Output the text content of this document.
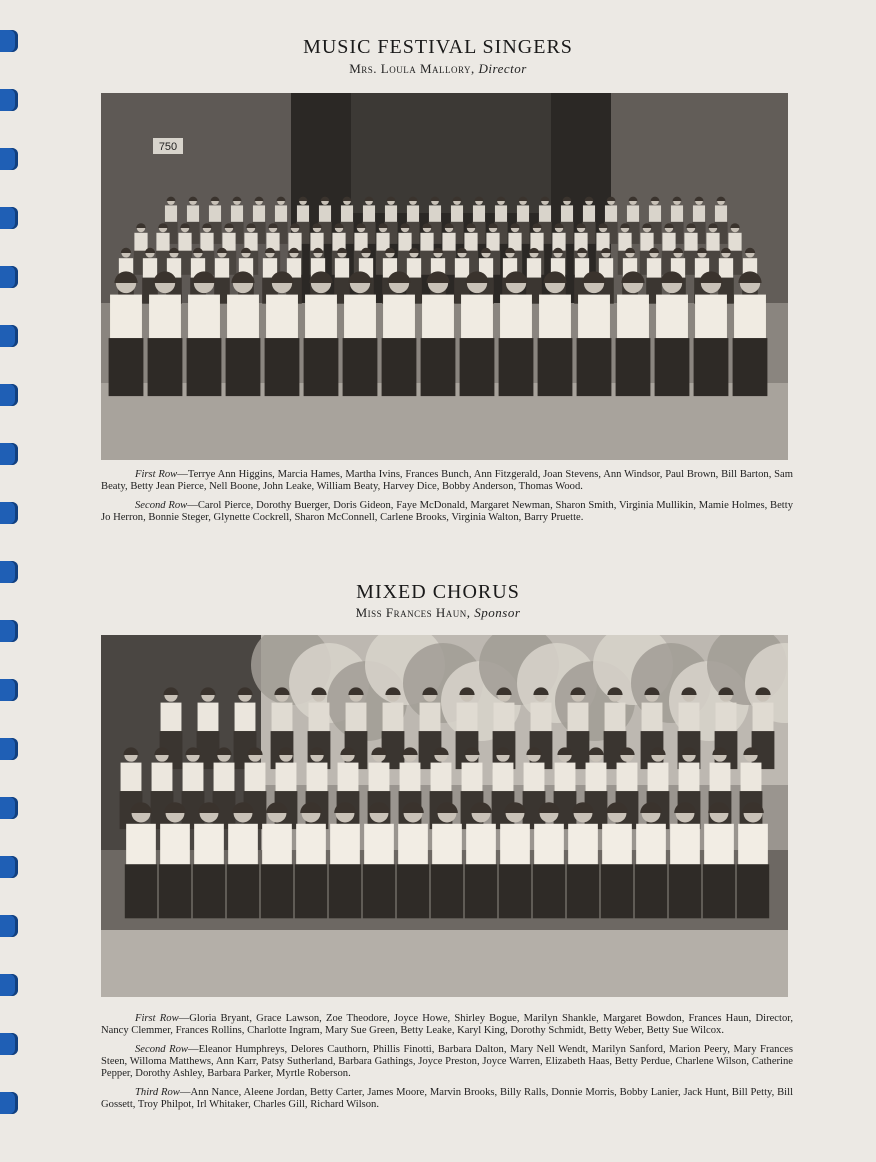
MUSIC FESTIVAL SINGERS
Mrs. Loula Mallory, Director
750

First Row—Terrye Ann Higgins, Marcia Hames, Martha Ivins, Frances Bunch, Ann Fitzgerald, Joan Stevens, Ann Windsor, Paul Brown, Bill Barton, Sam Beaty, Betty Jean Pierce, Nell Boone, John Leake, William Beaty, Harvey Dice, Bobby Anderson, Thomas Wood.

Second Row—Carol Pierce, Dorothy Buerger, Doris Gideon, Faye McDonald, Margaret Newman, Sharon Smith, Virginia Mullikin, Mamie Holmes, Betty Jo Herron, Bonnie Steger, Glynette Cockrell, Sharon McConnell, Carlene Brooks, Virginia Walton, Barry Pruette.

MIXED CHORUS
Miss Frances Haun, Sponsor

First Row—Gloria Bryant, Grace Lawson, Zoe Theodore, Joyce Howe, Shirley Bogue, Marilyn Shankle, Margaret Bowdon, Frances Haun, Director, Nancy Clemmer, Frances Rollins, Charlotte Ingram, Mary Sue Green, Betty Leake, Karyl King, Dorothy Schmidt, Betty Weber, Betty Sue Wilcox.

Second Row—Eleanor Humphreys, Delores Cauthorn, Phillis Finotti, Barbara Dalton, Mary Nell Wendt, Marilyn Sanford, Marion Peery, Mary Frances Steen, Willoma Matthews, Ann Karr, Patsy Sutherland, Barbara Gathings, Joyce Preston, Joyce Warren, Elizabeth Haas, Betty Perdue, Charlene Wilson, Catherine Pepper, Dorothy Ashley, Barbara Parker, Myrtle Roberson.

Third Row—Ann Nance, Aleene Jordan, Betty Carter, James Moore, Marvin Brooks, Billy Ralls, Donnie Morris, Bobby Lanier, Jack Hunt, Bill Petty, Bill Gossett, Troy Philpot, Irl Whitaker, Charles Gill, Richard Wilson.
